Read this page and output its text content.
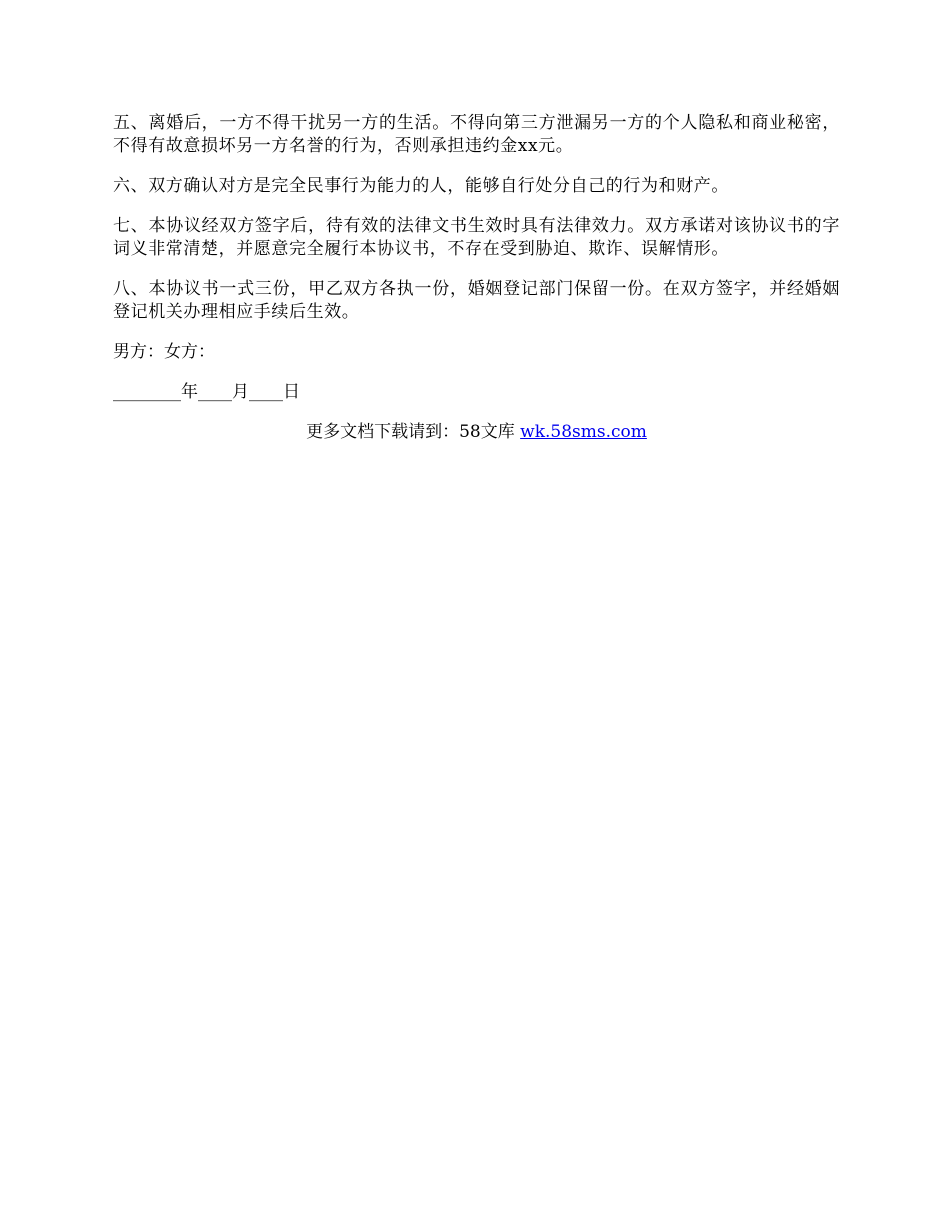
五、离婚后，一方不得干扰另一方的生活。不得向第三方泄漏另一方的个人隐私和商业秘密，不得有故意损坏另一方名誉的行为，否则承担违约金xx元。

六、双方确认对方是完全民事行为能力的人，能够自行处分自己的行为和财产。

七、本协议经双方签字后，待有效的法律文书生效时具有法律效力。双方承诺对该协议书的字词义非常清楚，并愿意完全履行本协议书，不存在受到胁迫、欺诈、误解情形。

八、本协议书一式三份，甲乙双方各执一份，婚姻登记部门保留一份。在双方签字，并经婚姻登记机关办理相应手续后生效。

男方：女方：

________年____月____日

更多文档下载请到：58文库 wk.58sms.com
